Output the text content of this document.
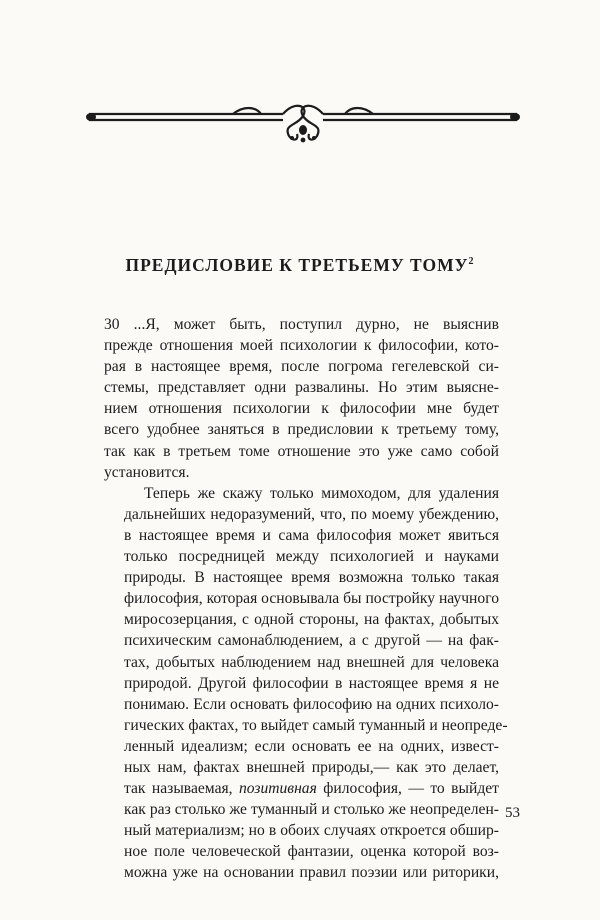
ПРЕДИСЛОВИЕ К ТРЕТЬЕМУ ТОМУ$^2$

30 ...Я, может быть, поступил дурно, не выяснив
прежде отношения моей психологии к философии, кото-
рая в настоящее время, после погрома гегелевской си-
стемы, представляет одни развалины. Но этим выясне-
нием отношения психологии к философии мне будет
всего удобнее заняться в предисловии к третьему тому,
так как в третьем томе отношение это уже само собой
установится.

Теперь же скажу только мимоходом, для удаления
дальнейших недоразумений, что, по моему убеждению,
в настоящее время и сама философия может явиться
только посредницей между психологией и науками
природы. В настоящее время возможна только такая
философия, которая основывала бы постройку научного
миросозерцания, с одной стороны, на фактах, добытых
психическим самонаблюдением, а с другой — на фак-
тах, добытых наблюдением над внешней для человека
природой. Другой философии в настоящее время я не
понимаю. Если основать философию на одних психоло-
гических фактах, то выйдет самый туманный и неопреде-
ленный идеализм; если основать ее на одних, извест-
ных нам, фактах внешней природы,— как это делает,
так называемая, позитивная философия, — то выйдет
как раз столько же туманный и столько же неопределен-
ный материализм; но в обоих случаях откроется обшир-
ное поле человеческой фантазии, оценка которой воз-
можна уже на основании правил поэзии или риторики,

53
